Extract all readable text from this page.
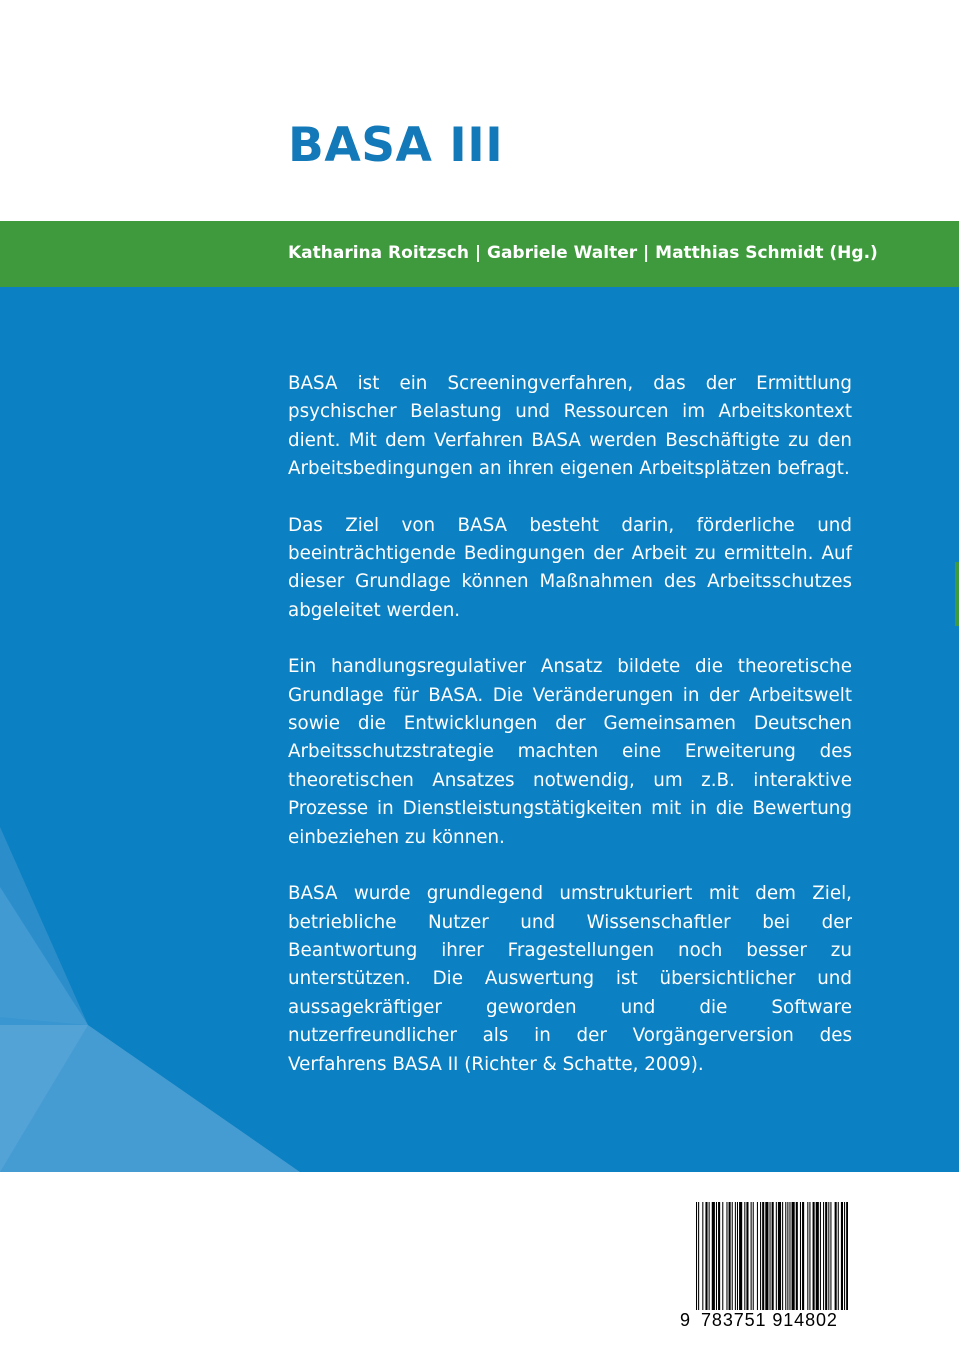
BASA III
Katharina Roitzsch | Gabriele Walter | Matthias Schmidt (Hg.)

BASA ist ein Screeningverfahren, das der Ermittlung psychischer Belastung und Ressourcen im Arbeitskontext dient. Mit dem Verfahren BASA werden Beschäftigte zu den Arbeitsbedingungen an ihren eigenen Arbeitsplätzen befragt.

Das Ziel von BASA besteht darin, förderliche und beeinträchtigende Bedingungen der Arbeit zu ermitteln. Auf dieser Grundlage können Maßnahmen des Arbeitsschutzes abgeleitet werden.

Ein handlungsregulativer Ansatz bildete die theoretische Grundlage für BASA. Die Veränderungen in der Arbeitswelt sowie die Entwicklungen der Gemeinsamen Deutschen Arbeitsschutzstrategie machten eine Erweiterung des theoretischen Ansatzes notwendig, um z.B. interaktive Prozesse in Dienstleistungstätigkeiten mit in die Bewertung einbeziehen zu können.

BASA wurde grundlegend umstrukturiert mit dem Ziel, betriebliche Nutzer und Wissenschaftler bei der Beantwortung ihrer Fragestellungen noch besser zu unterstützen. Die Auswertung ist übersichtlicher und aussagekräftiger geworden und die Software nutzerfreundlicher als in der Vorgängerversion des Verfahrens BASA II (Richter & Schatte, 2009).

9 783751 914802
